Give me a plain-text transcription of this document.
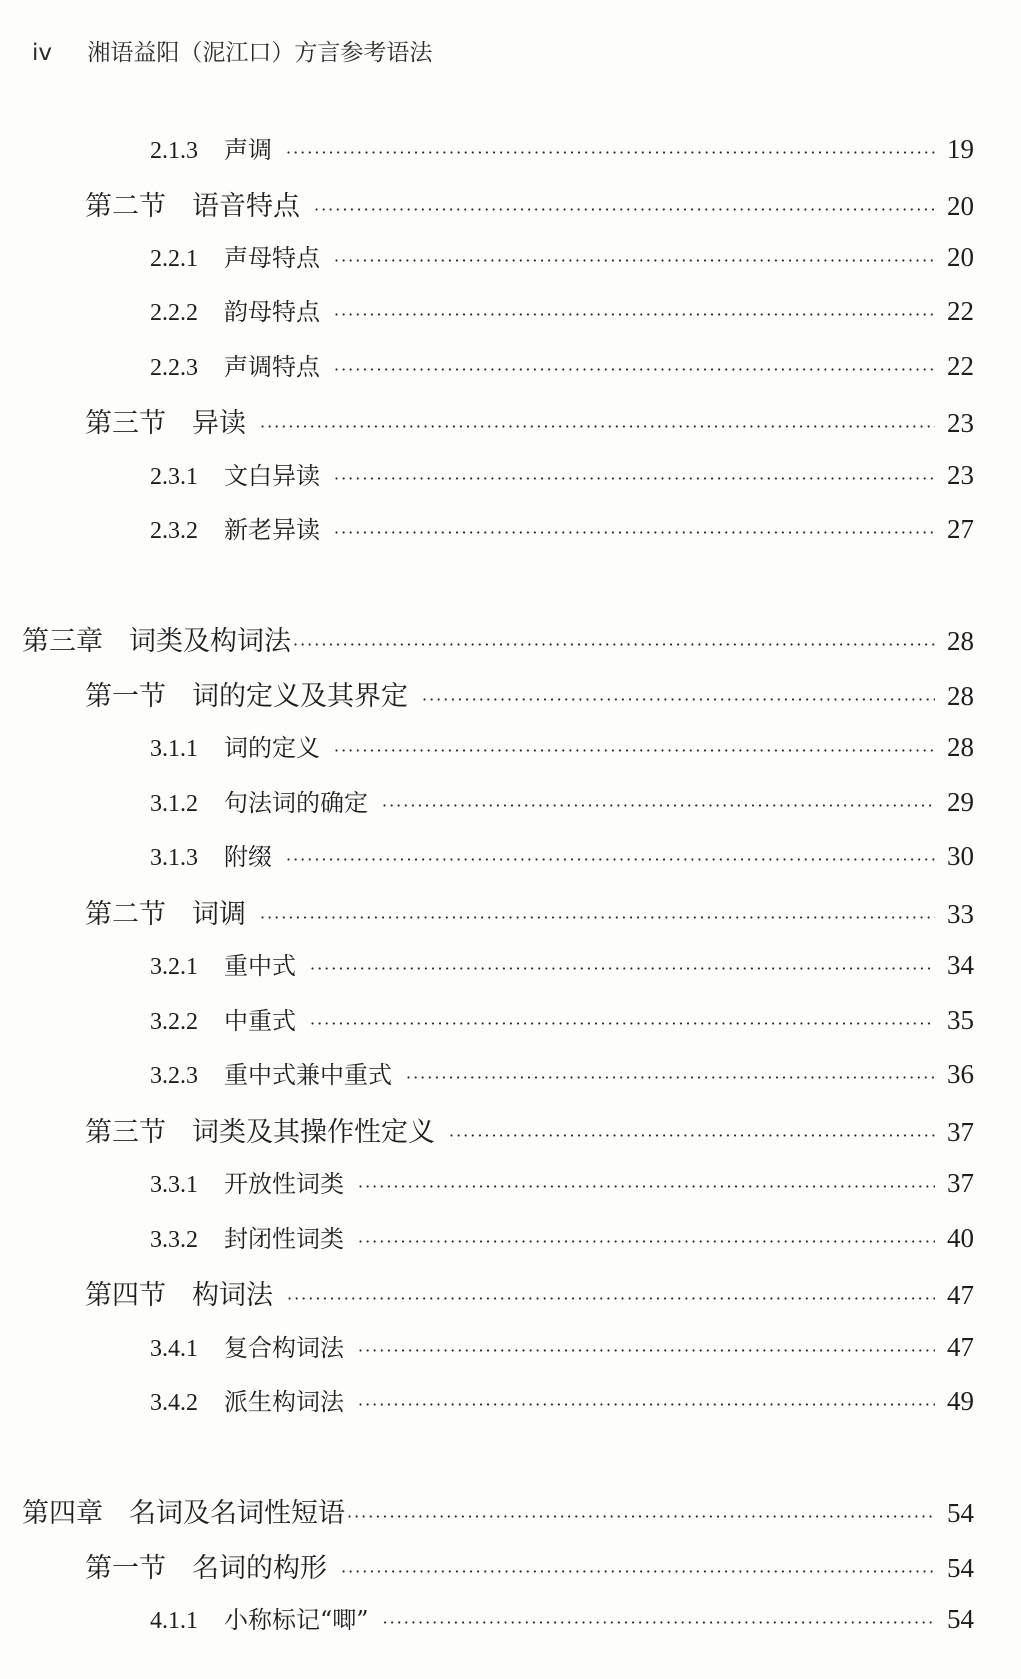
iv 湘语益阳（泥江口）方言参考语法
2.1.3 声调 ·····	19
第二节 语音特点 ·····	20
2.2.1 声母特点 ·····	20
2.2.2 韵母特点 ·····	22
2.2.3 声调特点 ·····	22
第三节 异读 ·····	23
2.3.1 文白异读 ·····	23
2.3.2 新老异读 ·····	27
第三章 词类及构词法 ·····	28
第一节 词的定义及其界定 ·····	28
3.1.1 词的定义 ·····	28
3.1.2 句法词的确定 ·····	29
3.1.3 附缀 ·····	30
第二节 词调 ·····	33
3.2.1 重中式 ·····	34
3.2.2 中重式 ·····	35
3.2.3 重中式兼中重式 ·····	36
第三节 词类及其操作性定义 ·····	37
3.3.1 开放性词类 ·····	37
3.3.2 封闭性词类 ·····	40
第四节 构词法 ·····	47
3.4.1 复合构词法 ·····	47
3.4.2 派生构词法 ·····	49
第四章 名词及名词性短语 ·····	54
第一节 名词的构形 ·····	54
4.1.1 小称标记“唧” ·····	54
